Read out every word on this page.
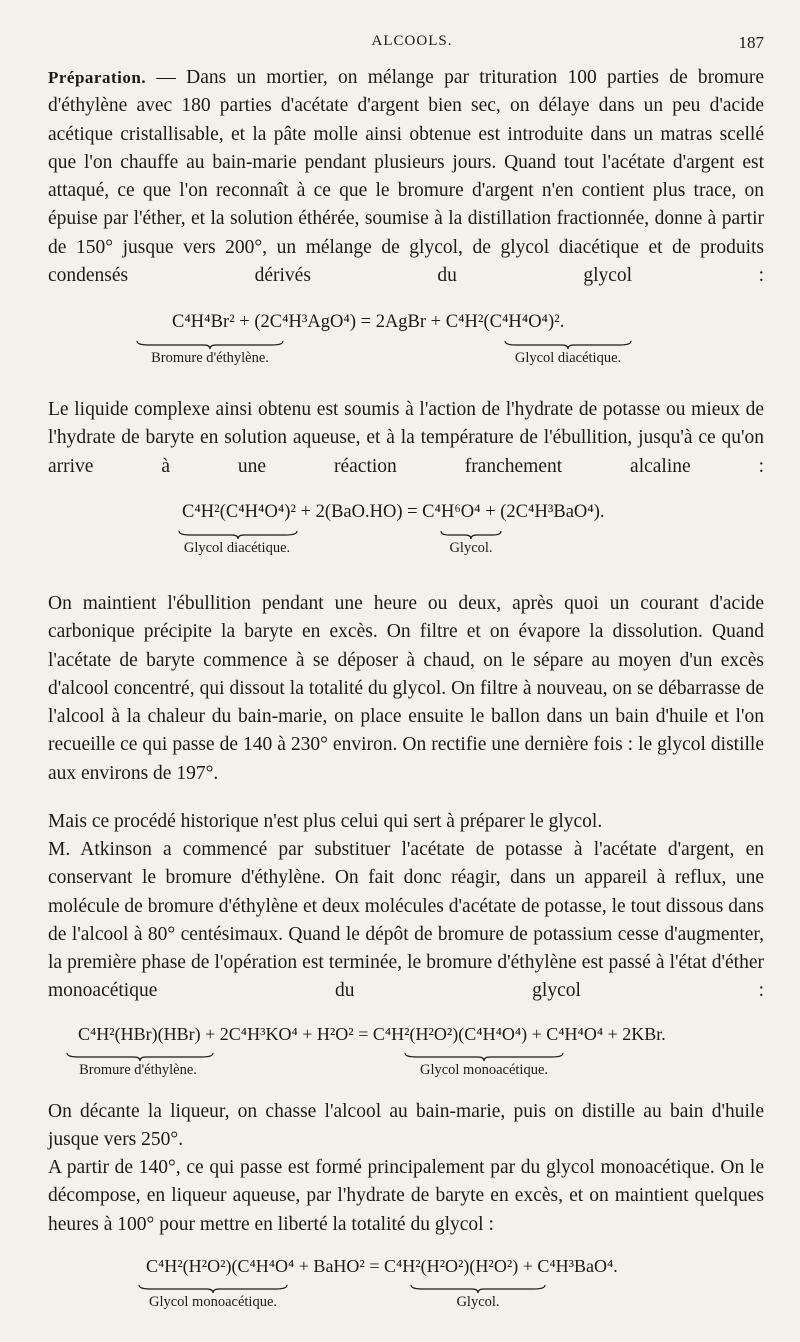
ALCOOLS.	187

Préparation. — Dans un mortier, on mélange par trituration 100 parties de bromure d'éthylène avec 180 parties d'acétate d'argent bien sec, on délaye dans un peu d'acide acétique cristallisable, et la pâte molle ainsi obtenue est introduite dans un matras scellé que l'on chauffe au bain-marie pendant plusieurs jours. Quand tout l'acétate d'argent est attaqué, ce que l'on reconnaît à ce que le bromure d'argent n'en contient plus trace, on épuise par l'éther, et la solution éthérée, soumise à la distillation fractionnée, donne à partir de 150° jusque vers 200°, un mélange de glycol, de glycol diacétique et de produits condensés dérivés du glycol :

C⁴H⁴Br² + (2C⁴H³AgO⁴) = 2AgBr + C⁴H²(C⁴H⁴O⁴)².
Bromure d'éthylène.	Glycol diacétique.

Le liquide complexe ainsi obtenu est soumis à l'action de l'hydrate de potasse ou mieux de l'hydrate de baryte en solution aqueuse, et à la température de l'ébullition, jusqu'à ce qu'on arrive à une réaction franchement alcaline :

C⁴H²(C⁴H⁴O⁴)² + 2(BaO.HO) = C⁴H⁶O⁴ + (2C⁴H³BaO⁴).
Glycol diacétique.	Glycol.

On maintient l'ébullition pendant une heure ou deux, après quoi un courant d'acide carbonique précipite la baryte en excès. On filtre et on évapore la dissolution. Quand l'acétate de baryte commence à se déposer à chaud, on le sépare au moyen d'un excès d'alcool concentré, qui dissout la totalité du glycol. On filtre à nouveau, on se débarrasse de l'alcool à la chaleur du bain-marie, on place ensuite le ballon dans un bain d'huile et l'on recueille ce qui passe de 140 à 230° environ. On rectifie une dernière fois : le glycol distille aux environs de 197°.

Mais ce procédé historique n'est plus celui qui sert à préparer le glycol.

M. Atkinson a commencé par substituer l'acétate de potasse à l'acétate d'argent, en conservant le bromure d'éthylène. On fait donc réagir, dans un appareil à reflux, une molécule de bromure d'éthylène et deux molécules d'acétate de potasse, le tout dissous dans de l'alcool à 80° centésimaux. Quand le dépôt de bromure de potassium cesse d'augmenter, la première phase de l'opération est terminée, le bromure d'éthylène est passé à l'état d'éther monoacétique du glycol :

C⁴H²(HBr)(HBr) + 2C⁴H³KO⁴ + H²O² = C⁴H²(H²O²)(C⁴H⁴O⁴) + C⁴H⁴O⁴ + 2KBr.
Bromure d'éthylène.	Glycol monoacétique.

On décante la liqueur, on chasse l'alcool au bain-marie, puis on distille au bain d'huile jusque vers 250°.

A partir de 140°, ce qui passe est formé principalement par du glycol monoacétique. On le décompose, en liqueur aqueuse, par l'hydrate de baryte en excès, et on maintient quelques heures à 100° pour mettre en liberté la totalité du glycol :

C⁴H²(H²O²)(C⁴H⁴O⁴ + BaHO² = C⁴H²(H²O²)(H²O²) + C⁴H³BaO⁴.
Glycol monoacétique.	Glycol.
